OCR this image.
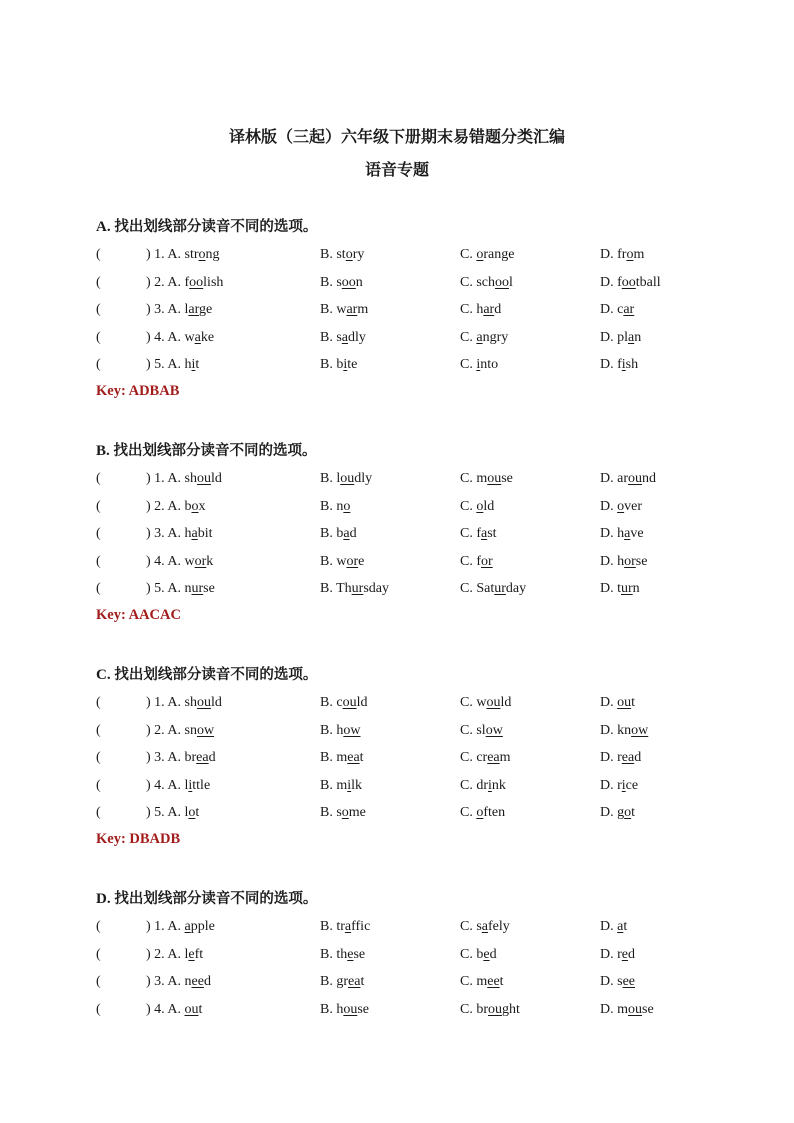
译林版（三起）六年级下册期末易错题分类汇编
语音专题
A. 找出划线部分读音不同的选项。
(	) 1. A. strong	B. story	C. orange	D. from
(	) 2. A. foolish	B. soon	C. school	D. football
(	) 3. A. large	B. warm	C. hard	D. car
(	) 4. A. wake	B. sadly	C. angry	D. plan
(	) 5. A. hit	B. bite	C. into	D. fish
Key: ADBAB
B. 找出划线部分读音不同的选项。
(	) 1. A. should	B. loudly	C. mouse	D. around
(	) 2. A. box	B. no	C. old	D. over
(	) 3. A. habit	B. bad	C. fast	D. have
(	) 4. A. work	B. wore	C. for	D. horse
(	) 5. A. nurse	B. Thursday	C. Saturday	D. turn
Key: AACAC
C. 找出划线部分读音不同的选项。
(	) 1. A. should	B. could	C. would	D. out
(	) 2. A. snow	B. how	C. slow	D. know
(	) 3. A. bread	B. meat	C. cream	D. read
(	) 4. A. little	B. milk	C. drink	D. rice
(	) 5. A. lot	B. some	C. often	D. got
Key: DBADB
D. 找出划线部分读音不同的选项。
(	) 1. A. apple	B. traffic	C. safely	D. at
(	) 2. A. left	B. these	C. bed	D. red
(	) 3. A. need	B. great	C. meet	D. see
(	) 4. A. out	B. house	C. brought	D. mouse
